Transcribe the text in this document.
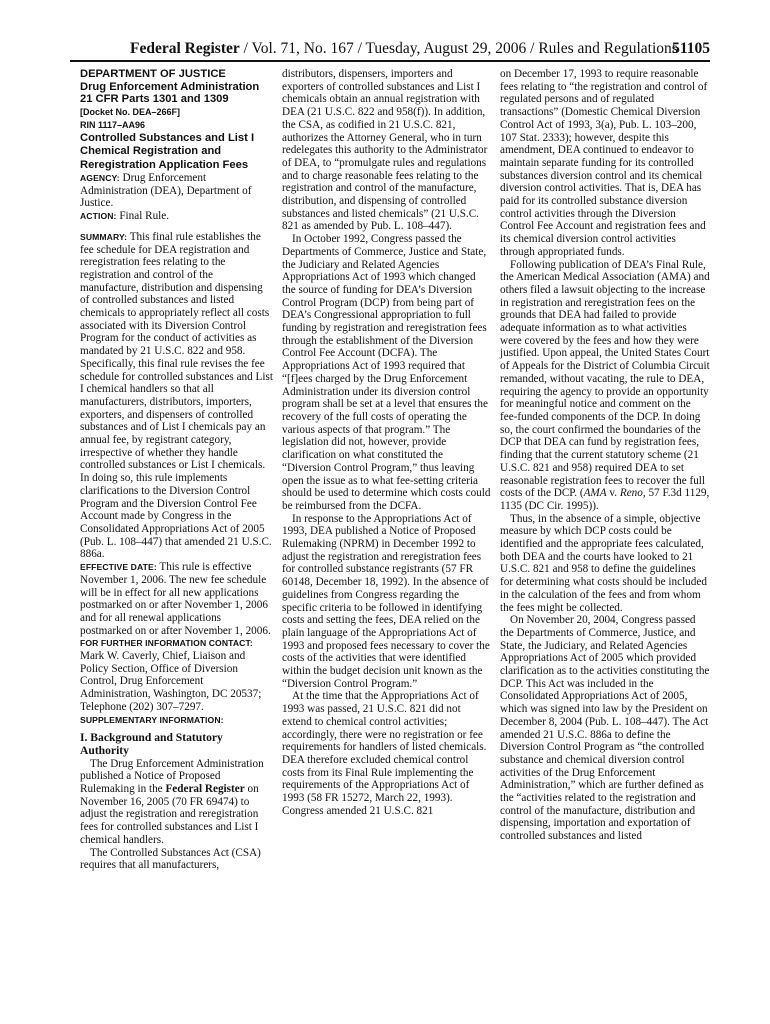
Federal Register / Vol. 71, No. 167 / Tuesday, August 29, 2006 / Rules and Regulations
51105

DEPARTMENT OF JUSTICE

Drug Enforcement Administration

21 CFR Parts 1301 and 1309

[Docket No. DEA–266F]

RIN 1117–AA96

Controlled Substances and List I Chemical Registration and Reregistration Application Fees

AGENCY: Drug Enforcement Administration (DEA), Department of Justice.

ACTION: Final Rule.

SUMMARY: This final rule establishes the fee schedule for DEA registration and reregistration fees relating to the registration and control of the manufacture, distribution and dispensing of controlled substances and listed chemicals to appropriately reflect all costs associated with its Diversion Control Program for the conduct of activities as mandated by 21 U.S.C. 822 and 958. Specifically, this final rule revises the fee schedule for controlled substances and List I chemical handlers so that all manufacturers, distributors, importers, exporters, and dispensers of controlled substances and of List I chemicals pay an annual fee, by registrant category, irrespective of whether they handle controlled substances or List I chemicals. In doing so, this rule implements clarifications to the Diversion Control Program and the Diversion Control Fee Account made by Congress in the Consolidated Appropriations Act of 2005 (Pub. L. 108–447) that amended 21 U.S.C. 886a.

EFFECTIVE DATE: This rule is effective November 1, 2006. The new fee schedule will be in effect for all new applications postmarked on or after November 1, 2006 and for all renewal applications postmarked on or after November 1, 2006.

FOR FURTHER INFORMATION CONTACT:

Mark W. Caverly, Chief, Liaison and Policy Section, Office of Diversion Control, Drug Enforcement Administration, Washington, DC 20537; Telephone (202) 307–7297.

SUPPLEMENTARY INFORMATION:

I. Background and Statutory Authority

The Drug Enforcement Administration published a Notice of Proposed Rulemaking in the Federal Register on November 16, 2005 (70 FR 69474) to adjust the registration and reregistration fees for controlled substances and List I chemical handlers.

The Controlled Substances Act (CSA) requires that all manufacturers,

distributors, dispensers, importers and exporters of controlled substances and List I chemicals obtain an annual registration with DEA (21 U.S.C. 822 and 958(f)). In addition, the CSA, as codified in 21 U.S.C. 821, authorizes the Attorney General, who in turn redelegates this authority to the Administrator of DEA, to “promulgate rules and regulations and to charge reasonable fees relating to the registration and control of the manufacture, distribution, and dispensing of controlled substances and listed chemicals” (21 U.S.C. 821 as amended by Pub. L. 108–447).

In October 1992, Congress passed the Departments of Commerce, Justice and State, the Judiciary and Related Agencies Appropriations Act of 1993 which changed the source of funding for DEA’s Diversion Control Program (DCP) from being part of DEA’s Congressional appropriation to full funding by registration and reregistration fees through the establishment of the Diversion Control Fee Account (DCFA). The Appropriations Act of 1993 required that “[f]ees charged by the Drug Enforcement Administration under its diversion control program shall be set at a level that ensures the recovery of the full costs of operating the various aspects of that program.” The legislation did not, however, provide clarification on what constituted the “Diversion Control Program,” thus leaving open the issue as to what fee-setting criteria should be used to determine which costs could be reimbursed from the DCFA.

In response to the Appropriations Act of 1993, DEA published a Notice of Proposed Rulemaking (NPRM) in December 1992 to adjust the registration and reregistration fees for controlled substance registrants (57 FR 60148, December 18, 1992). In the absence of guidelines from Congress regarding the specific criteria to be followed in identifying costs and setting the fees, DEA relied on the plain language of the Appropriations Act of 1993 and proposed fees necessary to cover the costs of the activities that were identified within the budget decision unit known as the “Diversion Control Program.”

At the time that the Appropriations Act of 1993 was passed, 21 U.S.C. 821 did not extend to chemical control activities; accordingly, there were no registration or fee requirements for handlers of listed chemicals. DEA therefore excluded chemical control costs from its Final Rule implementing the requirements of the Appropriations Act of 1993 (58 FR 15272, March 22, 1993). Congress amended 21 U.S.C. 821

on December 17, 1993 to require reasonable fees relating to “the registration and control of regulated persons and of regulated transactions” (Domestic Chemical Diversion Control Act of 1993, 3(a), Pub. L. 103–200, 107 Stat. 2333); however, despite this amendment, DEA continued to endeavor to maintain separate funding for its controlled substances diversion control and its chemical diversion control activities. That is, DEA has paid for its controlled substance diversion control activities through the Diversion Control Fee Account and registration fees and its chemical diversion control activities through appropriated funds.

Following publication of DEA’s Final Rule, the American Medical Association (AMA) and others filed a lawsuit objecting to the increase in registration and reregistration fees on the grounds that DEA had failed to provide adequate information as to what activities were covered by the fees and how they were justified. Upon appeal, the United States Court of Appeals for the District of Columbia Circuit remanded, without vacating, the rule to DEA, requiring the agency to provide an opportunity for meaningful notice and comment on the fee-funded components of the DCP. In doing so, the court confirmed the boundaries of the DCP that DEA can fund by registration fees, finding that the current statutory scheme (21 U.S.C. 821 and 958) required DEA to set reasonable registration fees to recover the full costs of the DCP. (AMA v. Reno, 57 F.3d 1129, 1135 (DC Cir. 1995)).

Thus, in the absence of a simple, objective measure by which DCP costs could be identified and the appropriate fees calculated, both DEA and the courts have looked to 21 U.S.C. 821 and 958 to define the guidelines for determining what costs should be included in the calculation of the fees and from whom the fees might be collected.

On November 20, 2004, Congress passed the Departments of Commerce, Justice, and State, the Judiciary, and Related Agencies Appropriations Act of 2005 which provided clarification as to the activities constituting the DCP. This Act was included in the Consolidated Appropriations Act of 2005, which was signed into law by the President on December 8, 2004 (Pub. L. 108–447). The Act amended 21 U.S.C. 886a to define the Diversion Control Program as “the controlled substance and chemical diversion control activities of the Drug Enforcement Administration,” which are further defined as the “activities related to the registration and control of the manufacture, distribution and dispensing, importation and exportation of controlled substances and listed
